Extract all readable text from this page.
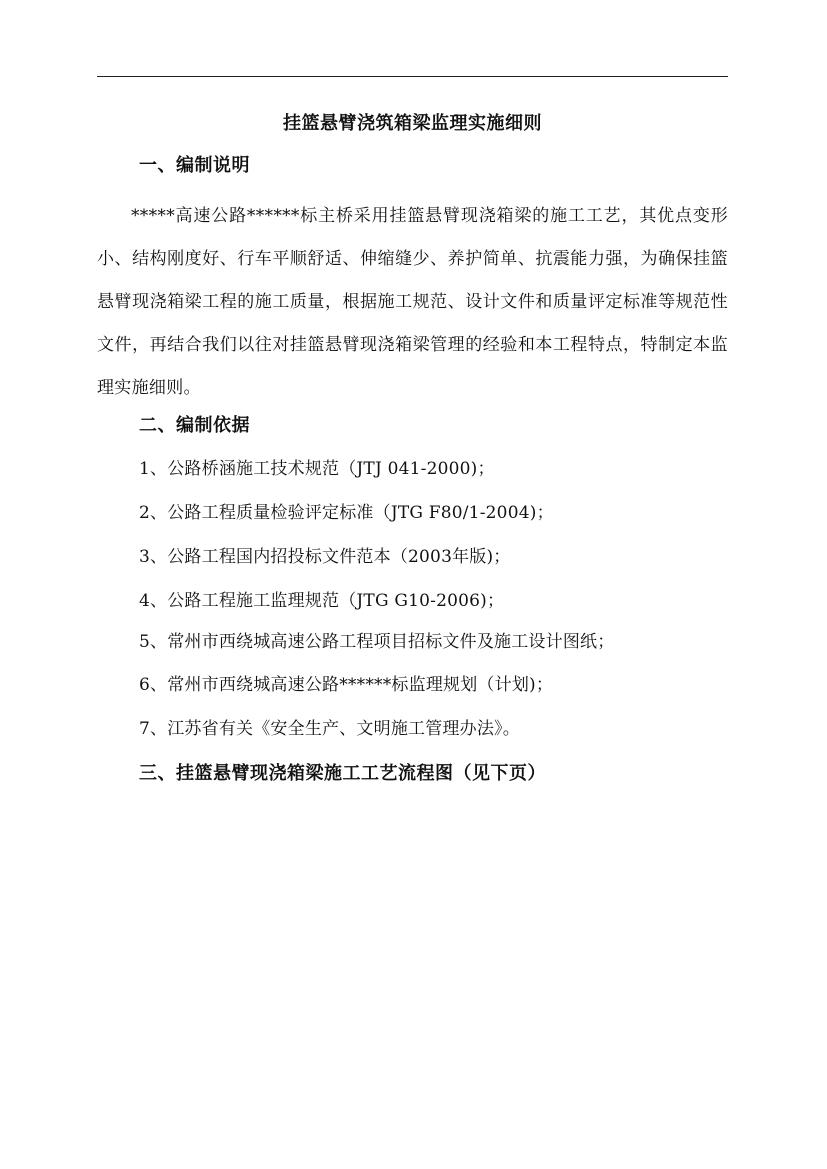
挂篮悬臂浇筑箱梁监理实施细则
一、编制说明
*****高速公路******标主桥采用挂篮悬臂现浇箱梁的施工工艺，其优点变形小、结构刚度好、行车平顺舒适、伸缩缝少、养护简单、抗震能力强，为确保挂篮悬臂现浇箱梁工程的施工质量，根据施工规范、设计文件和质量评定标准等规范性文件，再结合我们以往对挂篮悬臂现浇箱梁管理的经验和本工程特点，特制定本监理实施细则。
二、编制依据
1、公路桥涵施工技术规范（JTJ 041-2000)；
2、公路工程质量检验评定标准（JTG F80/1-2004)；
3、公路工程国内招投标文件范本（2003年版)；
4、公路工程施工监理规范（JTG G10-2006)；
5、常州市西绕城高速公路工程项目招标文件及施工设计图纸；
6、常州市西绕城高速公路******标监理规划（计划)；
7、江苏省有关《安全生产、文明施工管理办法》。
三、挂篮悬臂现浇箱梁施工工艺流程图（见下页）
